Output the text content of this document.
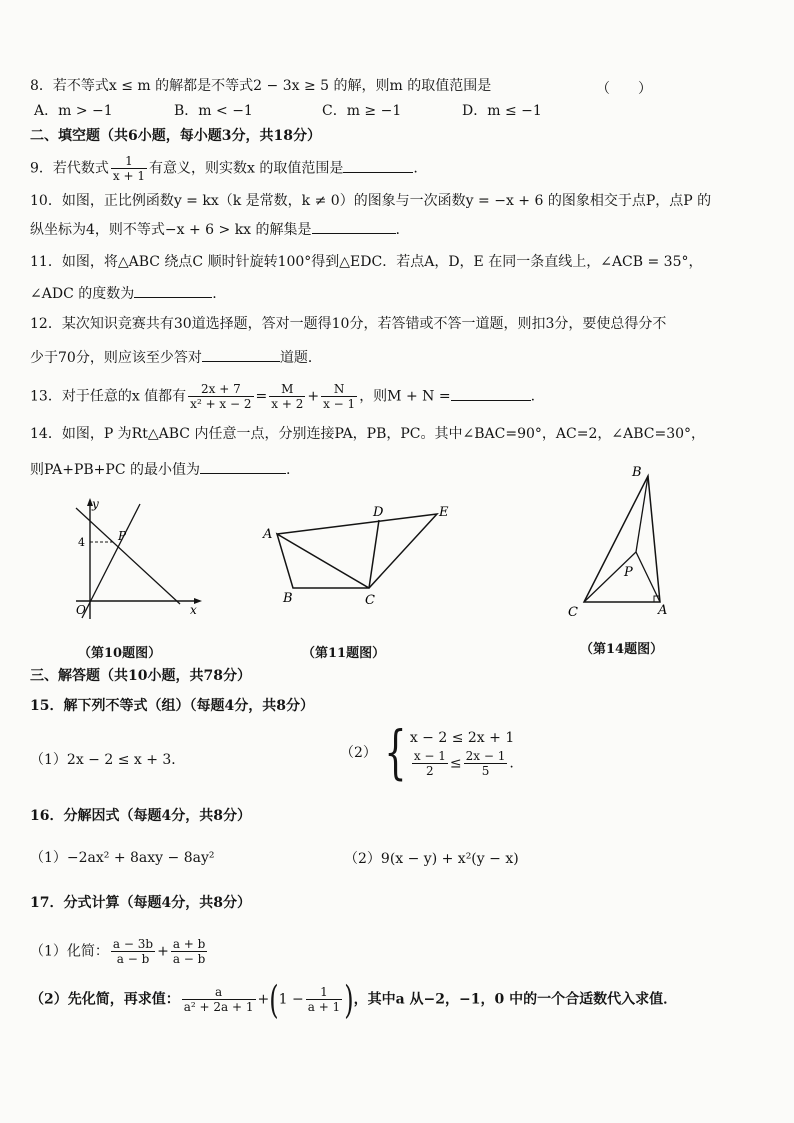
8．若不等式x ≤ m 的解都是不等式2 − 3x ≥ 5 的解，则m 的取值范围是	（　　）
A．m > −1	B．m < −1	C．m ≥ −1	D．m ≤ −1
二、填空题（共6小题，每小题3分，共18分）
9．若代数式 $\frac{1}{x + 1}$ 有意义，则实数x 的取值范围是	.
10．如图，正比例函数y = kx（k 是常数，k ≠ 0）的图象与一次函数y = −x + 6 的图象相交于点P，点P 的
纵坐标为4，则不等式−x + 6 > kx 的解集是	.
11．如图，将△ABC 绕点C 顺时针旋转100°得到△EDC．若点A，D，E 在同一条直线上，∠ACB = 35°，
∠ADC 的度数为	.
12．某次知识竞赛共有30道选择题，答对一题得10分，若答错或不答一道题，则扣3分，要使总得分不
少于70分，则应该至少答对	道题．
13．对于任意的x 值都有 $\frac{2x + 7}{\text{x² + x − 2}} = \frac{M}{x + 2} + \frac{N}{x - 1}$ ，则M + N =	.
14．如图，P 为Rt△ABC 内任意一点，分别连接PA，PB，PC。其中∠BAC=90°，AC=2，∠ABC=30°，
则PA+PB+PC 的最小值为	.
y
4	P
O	x
（第10题图）
A
B	C
D	E
（第11题图）
B
P
C	A
（第14题图）
三、解答题（共10小题，共78分）
15．解下列不等式（组）（每题4分，共8分）
（1）2x − 2 ≤ x + 3．	（2） { x − 2 ≤ 2x + 1
$\frac{x - 1}{2} \le \frac{2x - 1}{5}$ .
16．分解因式（每题4分，共8分）
（1）−2ax² + 8axy − 8ay²	（2）9(x − y) + x²(y − x)
17．分式计算（每题4分，共8分）
（1）化简： $\frac{a - 3b}{a - b} + \frac{a + b}{a - b}$
（2）先化简，再求值： $\frac{a}{\text{a² + 2a + 1}} +(1 - \frac{1}{a + 1}$ )，其中a 从−2，−1，0 中的一个合适数代入求值．
